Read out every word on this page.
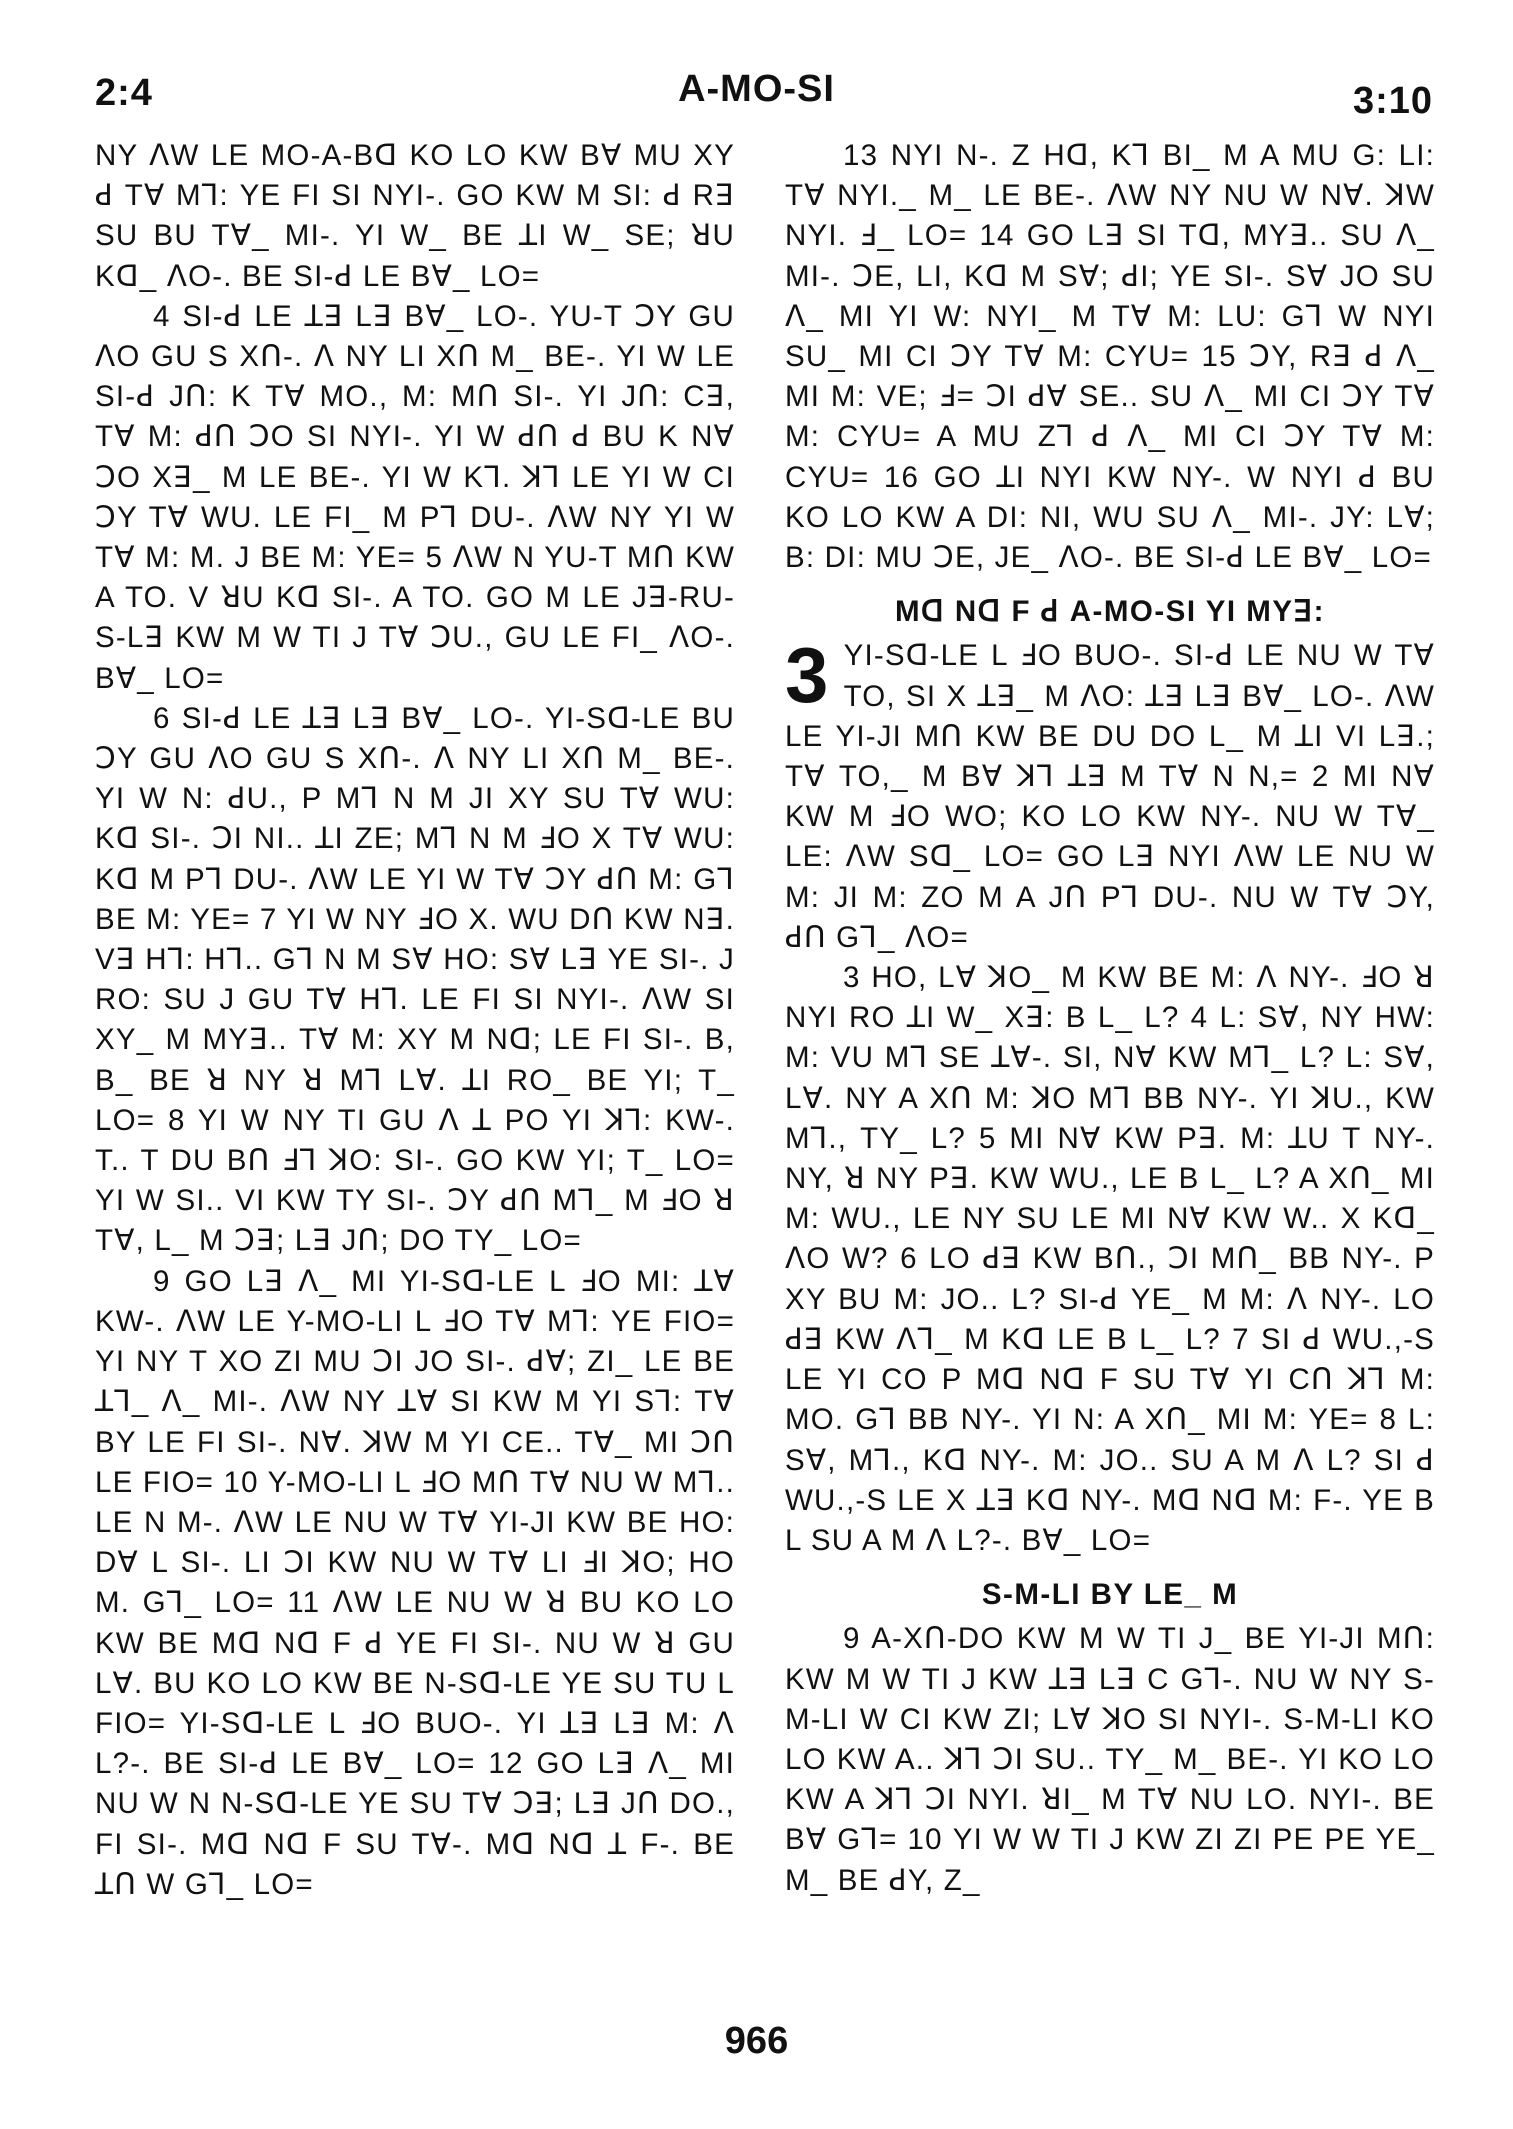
2:4	A-MO-SI	3:10

NY ꓥW LE MO-A-Bꓷ KO LO KW Bꓯ MU XY ꓒ Tꓯ Mꓶ: YE FI SI NYI-. GO KW M SI: ꓒ Rꓱ SU BU Tꓯ_ MI-. YI W_ BE ꓕI W_ SE; ꓤU Kꓷ_ ꓥO-. BE SI-ꓒ LE Bꓯ_ LO=

4 SI-ꓒ LE ꓕꓱ Lꓱ Bꓯ_ LO-. YU-T ꓛY GU ꓥO GU S Xꓵ-. ꓥ NY LI Xꓵ M_ BE-. YI W LE SI-ꓒ Jꓵ: K Tꓯ MO., M: Mꓵ SI-. YI Jꓵ: Cꓱ, Tꓯ M: ꓒꓵ ꓛO SI NYI-. YI W ꓒꓵ ꓒ BU K Nꓯ ꓛO Xꓱ_ M LE BE-. YI W Kꓶ. ꓘꓶ LE YI W CI ꓛY Tꓯ WU. LE FI_ M Pꓶ DU-. ꓥW NY YI W Tꓯ M: M. J BE M: YE= 5 ꓥW N YU-T Mꓵ KW A TO. V ꓤU Kꓷ SI-. A TO. GO M LE Jꓱ-RU-S-Lꓱ KW M W TI J Tꓯ ꓛU., GU LE FI_ ꓥO-. Bꓯ_ LO=

6 SI-ꓒ LE ꓕꓱ Lꓱ Bꓯ_ LO-. YI-Sꓷ-LE BU ꓛY GU ꓥO GU S Xꓵ-. ꓥ NY LI Xꓵ M_ BE-. YI W N: ꓒU., P Mꓶ N M JI XY SU Tꓯ WU: Kꓷ SI-. ꓛI NI.. ꓕI ZE; Mꓶ N M ꓞO X Tꓯ WU: Kꓷ M Pꓶ DU-. ꓥW LE YI W Tꓯ ꓛY ꓒꓵ M: Gꓶ BE M: YE= 7 YI W NY ꓞO X. WU Dꓵ KW Nꓱ. Vꓱ Hꓶ: Hꓶ.. Gꓶ N M Sꓯ HO: Sꓯ Lꓱ YE SI-. J RO: SU J GU Tꓯ Hꓶ. LE FI SI NYI-. ꓥW SI XY_ M MYꓱ.. Tꓯ M: XY M Nꓷ; LE FI SI-. B, B_ BE ꓤ NY ꓤ Mꓶ Lꓯ. ꓕI RO_ BE YI; T_ LO= 8 YI W NY TI GU ꓥ ꓕ PO YI ꓘꓶ: KW-. T.. T DU Bꓵ ꓞꓶ ꓘO: SI-. GO KW YI; T_ LO= YI W SI.. VI KW TY SI-. ꓛY ꓒꓵ Mꓶ_ M ꓞO ꓤ Tꓯ, L_ M ꓛꓱ; Lꓱ Jꓵ; DO TY_ LO=

9 GO Lꓱ ꓥ_ MI YI-Sꓷ-LE L ꓞO MI: ꓕꓯ KW-. ꓥW LE Y-MO-LI L ꓞO Tꓯ Mꓶ: YE FIO= YI NY T XO ZI MU ꓛI JO SI-. ꓒꓯ; ZI_ LE BE ꓕꓶ_ ꓥ_ MI-. ꓥW NY ꓕꓯ SI KW M YI Sꓶ: Tꓯ BY LE FI SI-. Nꓯ. ꓘW M YI CE.. Tꓯ_ MI ꓛꓵ LE FIO= 10 Y-MO-LI L ꓞO Mꓵ Tꓯ NU W Mꓶ.. LE N M-. ꓥW LE NU W Tꓯ YI-JI KW BE HO: Dꓯ L SI-. LI ꓛI KW NU W Tꓯ LI ꓞI ꓘO; HO M. Gꓶ_ LO= 11 ꓥW LE NU W ꓤ BU KO LO KW BE Mꓷ Nꓷ F ꓒ YE FI SI-. NU W ꓤ GU Lꓯ. BU KO LO KW BE N-Sꓷ-LE YE SU TU L FIO= YI-Sꓷ-LE L ꓞO BUO-. YI ꓕꓱ Lꓱ M: ꓥ L?-. BE SI-ꓒ LE Bꓯ_ LO= 12 GO Lꓱ ꓥ_ MI NU W N N-Sꓷ-LE YE SU Tꓯ ꓛꓱ; Lꓱ Jꓵ DO., FI SI-. Mꓷ Nꓷ F SU Tꓯ-. Mꓷ Nꓷ ꓕ F-. BE ꓕꓵ W Gꓶ_ LO=

13 NYI N-. Z Hꓷ, Kꓶ BI_ M A MU G: LI: Tꓯ NYI._ M_ LE BE-. ꓥW NY NU W Nꓯ. ꓘW NYI. ꓞ_ LO= 14 GO Lꓱ SI Tꓷ, MYꓱ.. SU ꓥ_ MI-. ꓛE, LI, Kꓷ M Sꓯ; ꓒI; YE SI-. Sꓯ JO SU ꓥ_ MI YI W: NYI_ M Tꓯ M: LU: Gꓶ W NYI SU_ MI CI ꓛY Tꓯ M: CYU= 15 ꓛY, Rꓱ ꓒ ꓥ_ MI M: VE; ꓞ= ꓛI ꓒꓯ SE.. SU ꓥ_ MI CI ꓛY Tꓯ M: CYU= A MU Zꓶ ꓒ ꓥ_ MI CI ꓛY Tꓯ M: CYU= 16 GO ꓕI NYI KW NY-. W NYI ꓒ BU KO LO KW A DI: NI, WU SU ꓥ_ MI-. JY: Lꓯ; B: DI: MU ꓛE, JE_ ꓥO-. BE SI-ꓒ LE Bꓯ_ LO=

Mꓷ Nꓷ F ꓒ A-MO-SI YI MYꓱ:
3 YI-Sꓷ-LE L ꓞO BUO-. SI-ꓒ LE NU W Tꓯ TO, SI X ꓕꓱ_ M ꓥO: ꓕꓱ Lꓱ Bꓯ_ LO-. ꓥW LE YI-JI Mꓵ KW BE DU DO L_ M ꓕI VI Lꓱ.; Tꓯ TO,_ M Bꓯ ꓘꓶ ꓕꓱ M Tꓯ N N,= 2 MI Nꓯ KW M ꓞO WO; KO LO KW NY-. NU W Tꓯ_ LE: ꓥW Sꓷ_ LO= GO Lꓱ NYI ꓥW LE NU W M: JI M: ZO M A Jꓵ Pꓶ DU-. NU W Tꓯ ꓛY, ꓒꓵ Gꓶ_ ꓥO=

3 HO, Lꓯ ꓘO_ M KW BE M: ꓥ NY-. ꓞO ꓤ NYI RO ꓕI W_ Xꓱ: B L_ L? 4 L: Sꓯ, NY HW: M: VU Mꓶ SE ꓕꓯ-. SI, Nꓯ KW Mꓶ_ L? L: Sꓯ, Lꓯ. NY A Xꓵ M: ꓘO Mꓶ BB NY-. YI ꓘU., KW Mꓶ., TY_ L? 5 MI Nꓯ KW Pꓱ. M: ꓕU T NY-. NY, ꓤ NY Pꓱ. KW WU., LE B L_ L? A Xꓵ_ MI M: WU., LE NY SU LE MI Nꓯ KW W.. X Kꓷ_ ꓥO W? 6 LO ꓒꓱ KW Bꓵ., ꓛI Mꓵ_ BB NY-. P XY BU M: JO.. L? SI-ꓒ YE_ M M: ꓥ NY-. LO ꓒꓱ KW ꓥꓶ_ M Kꓷ LE B L_ L? 7 SI ꓒ WU.,-S LE YI CO P Mꓷ Nꓷ F SU Tꓯ YI Cꓵ ꓘꓶ M: MO. Gꓶ BB NY-. YI N: A Xꓵ_ MI M: YE= 8 L: Sꓯ, Mꓶ., Kꓷ NY-. M: JO.. SU A M ꓥ L? SI ꓒ WU.,-S LE X ꓕꓱ Kꓷ NY-. Mꓷ Nꓷ M: F-. YE B L SU A M ꓥ L?-. Bꓯ_ LO=

S-M-LI BY LE_ M

9 A-Xꓵ-DO KW M W TI J_ BE YI-JI Mꓵ: KW M W TI J KW ꓕꓱ Lꓱ C Gꓶ-. NU W NY S-M-LI W CI KW ZI; Lꓯ ꓘO SI NYI-. S-M-LI KO LO KW A.. ꓘꓶ ꓛI SU.. TY_ M_ BE-. YI KO LO KW A ꓘꓶ ꓛI NYI. ꓤI_ M Tꓯ NU LO. NYI-. BE Bꓯ Gꓶ= 10 YI W W TI J KW ZI ZI PE PE YE_ M_ BE ꓒY, Z_

966
